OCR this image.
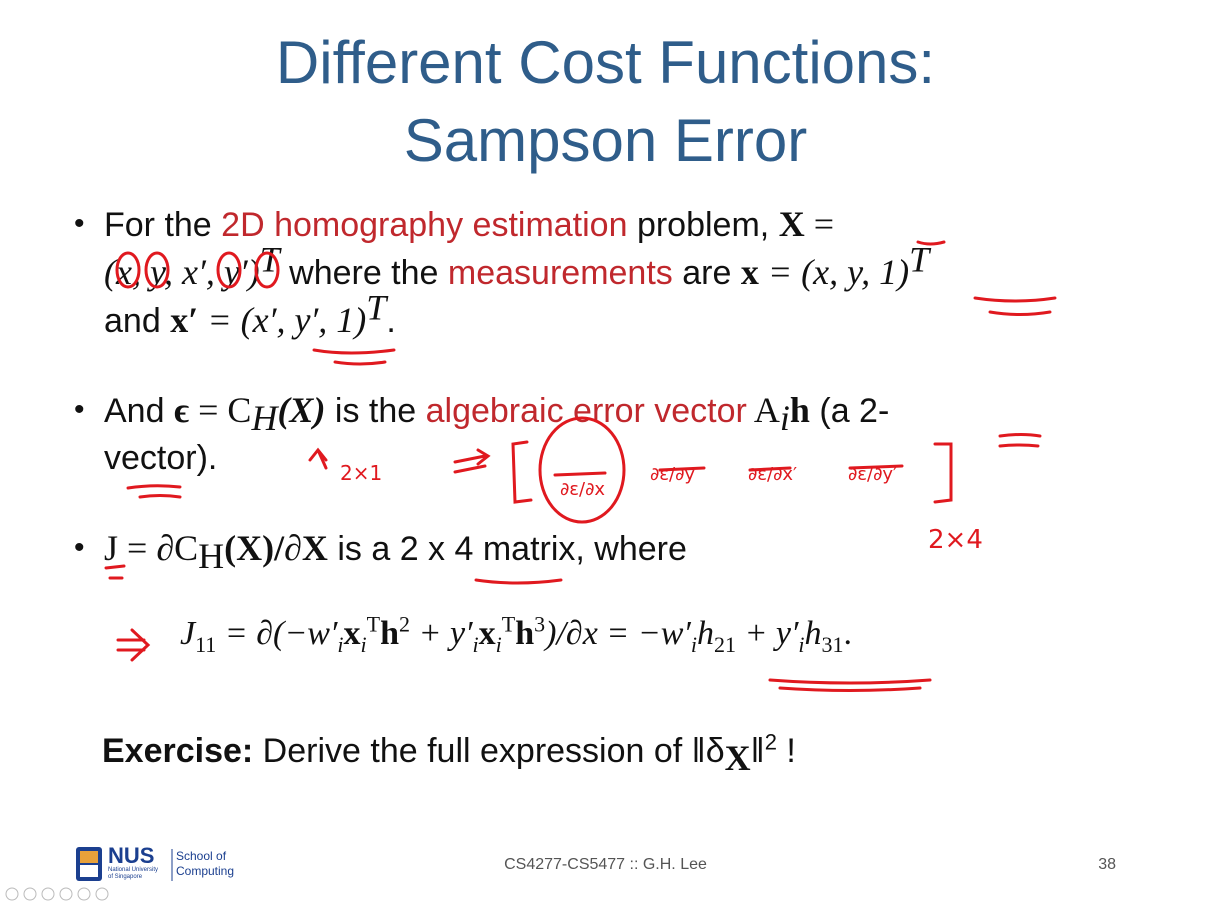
Different Cost Functions:
Sampson Error
• For the 2D homography estimation problem, X =
(x, y, x′, y′)$^T$ where the measurements are x = (x, y, 1)$^T$
and x′ = (x′, y′, 1)$^T$.
• And $\epsilon = C_H(X)$ is the algebraic error vector $A_ih$ (a 2-
vector).
• $J = \partial C_H(X)/\partial X$ is a 2 x 4 matrix, where
$J_{11} = \partial(-w'_ix_i^Th^2 + y'_ix_i^Th^3)/\partial x = -w'_ih_{21} + y'_ih_{31}$.
Exercise: Derive the full expression of $‖\delta_X‖^2$ !
2×1
2×4
∂ε/∂x
∂ε/∂y	∂ε/∂x′	∂ε/∂y′
NUS
National University
of Singapore
School of
Computing	CS4277-CS5477 :: G.H. Lee	38
